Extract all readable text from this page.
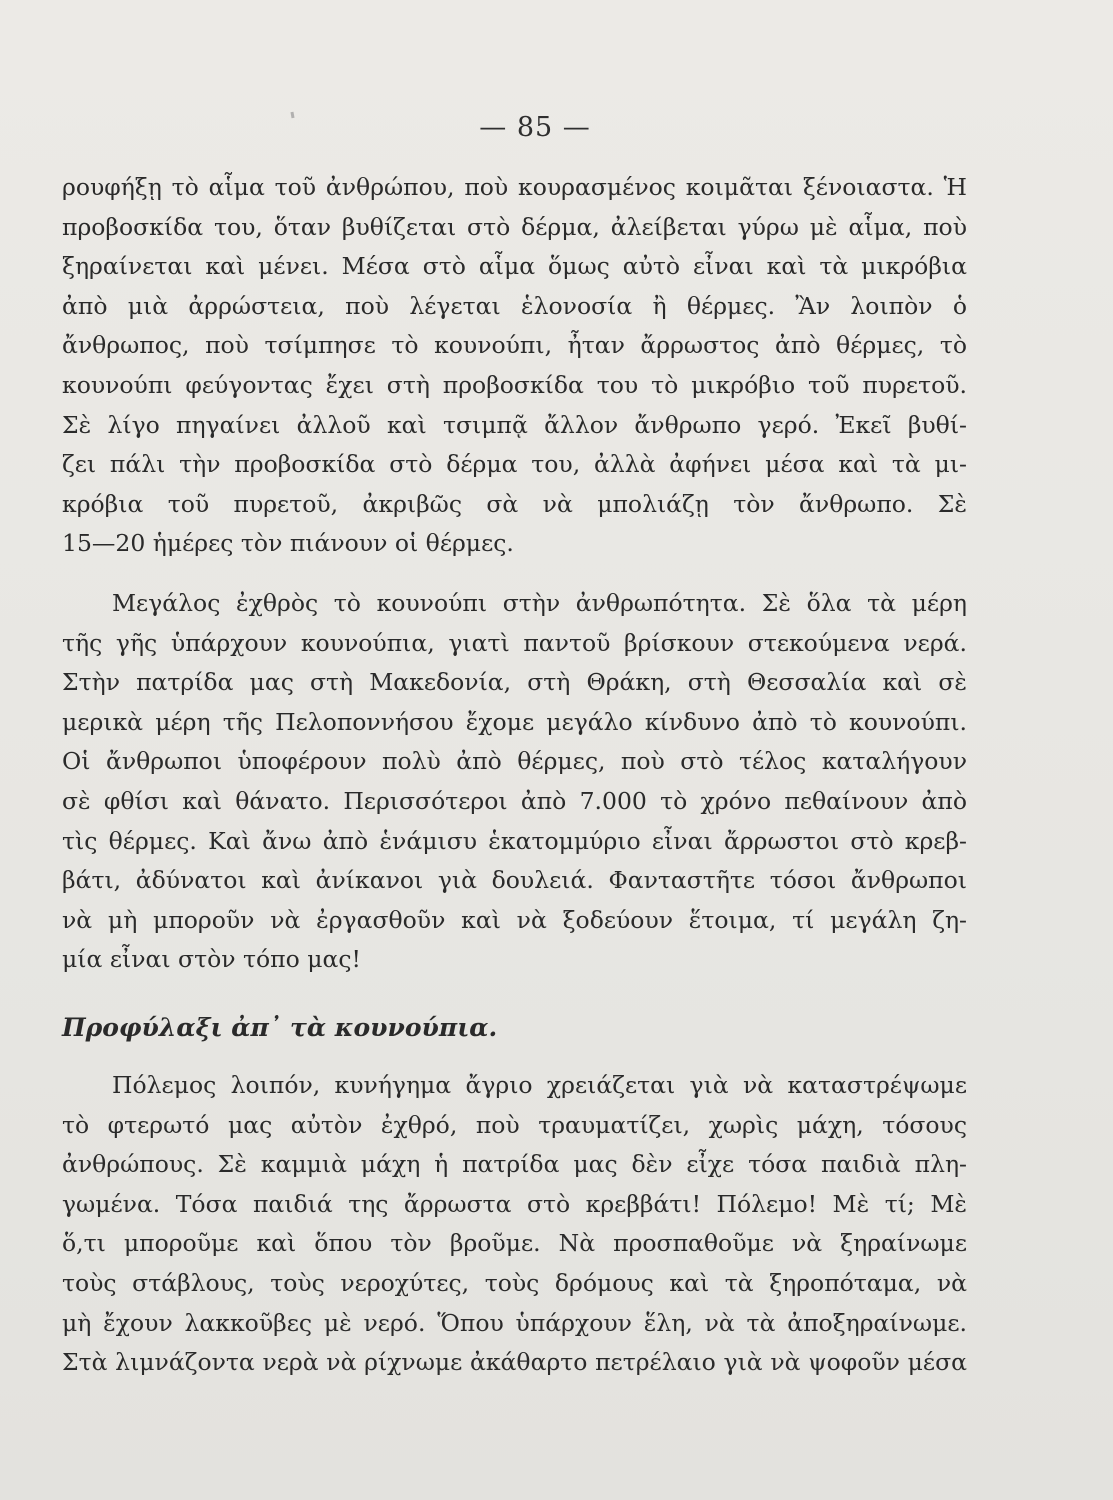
— 85 —
ρουφήξῃ τὸ αἷμα τοῦ ἀνθρώπου, ποὺ κουρασμένος κοιμᾶται ξένοιαστα. Ἡ
προβοσκίδα του, ὅταν βυθίζεται στὸ δέρμα, ἀλείβεται γύρω μὲ αἷμα, ποὺ
ξηραίνεται καὶ μένει. Μέσα στὸ αἷμα ὅμως αὐτὸ εἶναι καὶ τὰ μικρόβια
ἀπὸ μιὰ ἀρρώστεια, ποὺ λέγεται ἑλονοσία ἢ θέρμες. Ἂν λοιπὸν ὁ
ἄνθρωπος, ποὺ τσίμπησε τὸ κουνούπι, ἦταν ἄρρωστος ἀπὸ θέρμες, τὸ
κουνούπι φεύγοντας ἔχει στὴ προβοσκίδα του τὸ μικρόβιο τοῦ πυρετοῦ.
Σὲ λίγο πηγαίνει ἀλλοῦ καὶ τσιμπᾷ ἄλλον ἄνθρωπο γερό. Ἐκεῖ βυθί-
ζει πάλι τὴν προβοσκίδα στὸ δέρμα του, ἀλλὰ ἀφήνει μέσα καὶ τὰ μι-
κρόβια τοῦ πυρετοῦ, ἀκριβῶς σὰ νὰ μπολιάζῃ τὸν ἄνθρωπο. Σὲ
15—20 ἡμέρες τὸν πιάνουν οἱ θέρμες.
Μεγάλος ἐχθρὸς τὸ κουνούπι στὴν ἀνθρωπότητα. Σὲ ὅλα τὰ μέρη
τῆς γῆς ὑπάρχουν κουνούπια, γιατὶ παντοῦ βρίσκουν στεκούμενα νερά.
Στὴν πατρίδα μας στὴ Μακεδονία, στὴ Θράκη, στὴ Θεσσαλία καὶ σὲ
μερικὰ μέρη τῆς Πελοποννήσου ἔχομε μεγάλο κίνδυνο ἀπὸ τὸ κουνούπι.
Οἱ ἄνθρωποι ὑποφέρουν πολὺ ἀπὸ θέρμες, ποὺ στὸ τέλος καταλήγουν
σὲ φθίσι καὶ θάνατο. Περισσότεροι ἀπὸ 7.000 τὸ χρόνο πεθαίνουν ἀπὸ
τὶς θέρμες. Καὶ ἄνω ἀπὸ ἑνάμισυ ἑκατομμύριο εἶναι ἄρρωστοι στὸ κρεβ-
βάτι, ἀδύνατοι καὶ ἀνίκανοι γιὰ δουλειά. Φανταστῆτε τόσοι ἄνθρωποι
νὰ μὴ μποροῦν νὰ ἐργασθοῦν καὶ νὰ ξοδεύουν ἕτοιμα, τί μεγάλη ζη-
μία εἶναι στὸν τόπο μας!
Προφύλαξι ἀπ᾽ τὰ κουνούπια.
Πόλεμος λοιπόν, κυνήγημα ἄγριο χρειάζεται γιὰ νὰ καταστρέψωμε
τὸ φτερωτό μας αὐτὸν ἐχθρό, ποὺ τραυματίζει, χωρὶς μάχη, τόσους
ἀνθρώπους. Σὲ καμμιὰ μάχη ἡ πατρίδα μας δὲν εἶχε τόσα παιδιὰ πλη-
γωμένα. Τόσα παιδιά της ἄρρωστα στὸ κρεββάτι! Πόλεμο! Μὲ τί; Μὲ
ὅ,τι μποροῦμε καὶ ὅπου τὸν βροῦμε. Νὰ προσπαθοῦμε νὰ ξηραίνωμε
τοὺς στάβλους, τοὺς νεροχύτες, τοὺς δρόμους καὶ τὰ ξηροπόταμα, νὰ
μὴ ἔχουν λακκοῦβες μὲ νερό. Ὅπου ὑπάρχουν ἕλη, νὰ τὰ ἀποξηραίνωμε.
Στὰ λιμνάζοντα νερὰ νὰ ρίχνωμε ἀκάθαρτο πετρέλαιο γιὰ νὰ ψοφοῦν μέσα
